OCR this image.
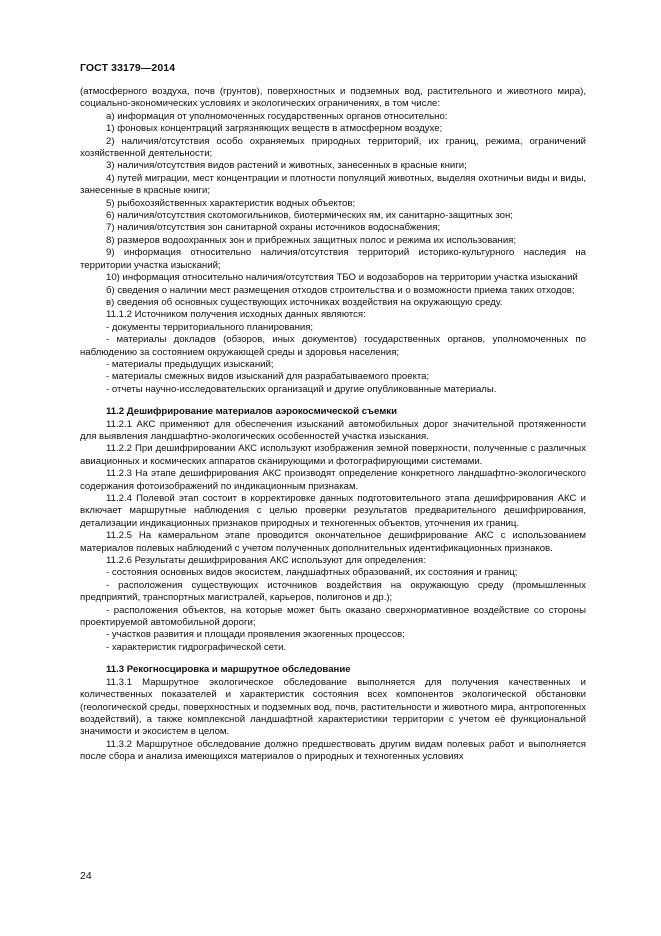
ГОСТ 33179—2014

(атмосферного воздуха, почв (грунтов), поверхностных и подземных вод, растительного и животного мира), социально-экономических условиях и экологических ограничениях, в том числе:

а) информация от уполномоченных государственных органов относительно:

1) фоновых концентраций загрязняющих веществ в атмосферном воздухе;

2) наличия/отсутствия особо охраняемых природных территорий, их границ, режима, ограничений хозяйственной деятельности;

3) наличия/отсутствия видов растений и животных, занесенных в красные книги;

4) путей миграции, мест концентрации и плотности популяций животных, выделяя охотничьи виды и виды, занесенные в красные книги;

5) рыбохозяйственных характеристик водных объектов;

6) наличия/отсутствия скотомогильников, биотермических ям, их санитарно-защитных зон;

7) наличия/отсутствия зон санитарной охраны источников водоснабжения;

8) размеров водоохранных зон и прибрежных защитных полос и режима их использования;

9) информация относительно наличия/отсутствия территорий историко-культурного наследия на территории участка изысканий;

10) информация относительно наличия/отсутствия ТБО и водозаборов на территории участка изысканий

б) сведения о наличии мест размещения отходов строительства и о возможности приема таких отходов;

в) сведения об основных существующих источниках воздействия на окружающую среду.

11.1.2 Источником получения исходных данных являются:

- документы территориального планирования;

- материалы докладов (обзоров, иных документов) государственных органов, уполномоченных по наблюдению за состоянием окружающей среды и здоровья населения;

- материалы предыдущих изысканий;

- материалы смежных видов изысканий для разрабатываемого проекта;

- отчеты научно-исследовательских организаций и другие опубликованные материалы.

11.2 Дешифрирование материалов аэрокосмической съемки

11.2.1 АКС применяют для обеспечения изысканий автомобильных дорог значительной протяженности для выявления ландшафтно-экологических особенностей участка изыскания.

11.2.2 При дешифрировании АКС используют изображения земной поверхности, полученные с различных авиационных и космических аппаратов сканирующими и фотографирующими системами.

11.2.3 На этапе дешифрирования АКС производят определение конкретного ландшафтно-экологического содержания фотоизображений по индикационным признакам.

11.2.4 Полевой этап состоит в корректировке данных подготовительного этапа дешифрирования АКС и включает маршрутные наблюдения с целью проверки результатов предварительного дешифрирования, детализации индикационных признаков природных и техногенных объектов, уточнения их границ.

11.2.5 На камеральном этапе проводится окончательное дешифрирование АКС с использованием материалов полевых наблюдений с учетом полученных дополнительных идентификационных признаков.

11.2.6 Результаты дешифрирования АКС используют для определения:

- состояния основных видов экосистем, ландшафтных образований, их состояния и границ;

- расположения существующих источников воздействия на окружающую среду (промышленных предприятий, транспортных магистралей, карьеров, полигонов и др.);

- расположения объектов, на которые может быть оказано сверхнормативное воздействие со стороны проектируемой автомобильной дороги;

- участков развития и площади проявления экзогенных процессов;

- характеристик гидрографической сети.

11.3 Рекогносцировка и маршрутное обследование

11.3.1 Маршрутное экологическое обследование выполняется для получения качественных и количественных показателей и характеристик состояния всех компонентов экологической обстановки (геологической среды, поверхностных и подземных вод, почв, растительности и животного мира, антропогенных воздействий), а также комплексной ландшафтной характеристики территории с учетом её функциональной значимости и экосистем в целом.

11.3.2 Маршрутное обследование должно предшествовать другим видам полевых работ и выполняется после сбора и анализа имеющихся материалов о природных и техногенных условиях

24
